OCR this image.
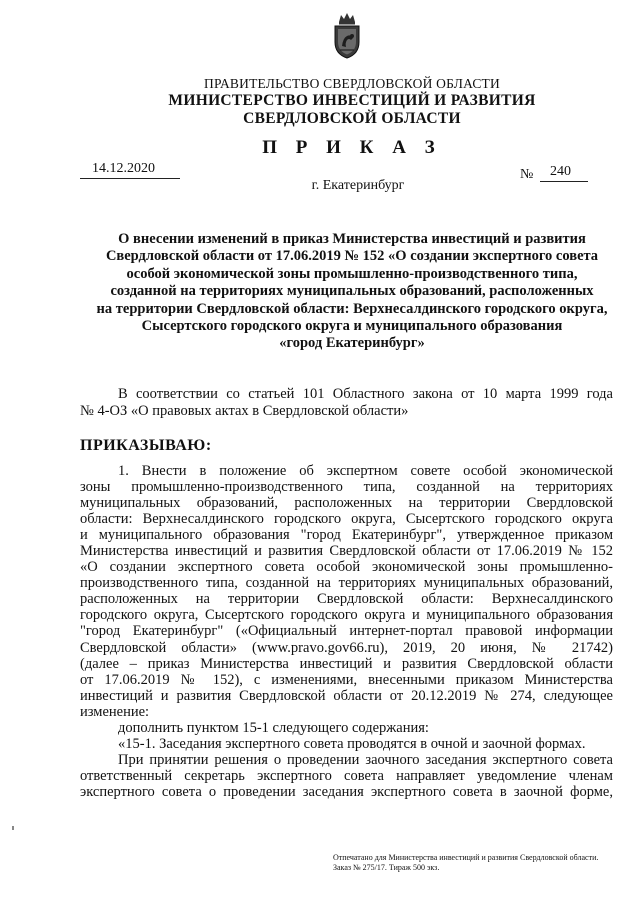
ПРАВИТЕЛЬСТВО СВЕРДЛОВСКОЙ ОБЛАСТИ
МИНИСТЕРСТВО ИНВЕСТИЦИЙ И РАЗВИТИЯ
СВЕРДЛОВСКОЙ ОБЛАСТИ
П Р И К А З
14.12.2020	№ 240
г. Екатеринбург
О внесении изменений в приказ Министерства инвестиций и развития
Свердловской области от 17.06.2019 № 152 «О создании экспертного совета
особой экономической зоны промышленно-производственного типа,
созданной на территориях муниципальных образований, расположенных
на территории Свердловской области: Верхнесалдинского городского округа,
Сысертского городского округа и муниципального образования
«город Екатеринбург»
В соответствии со статьей 101 Областного закона от 10 марта 1999 года
№ 4-ОЗ «О правовых актах в Свердловской области»
ПРИКАЗЫВАЮ:
1. Внести в положение об экспертном совете особой экономической
зоны промышленно-производственного типа, созданной на территориях
муниципальных образований, расположенных на территории Свердловской
области: Верхнесалдинского городского округа, Сысертского городского округа
и муниципального образования "город Екатеринбург", утвержденное приказом
Министерства инвестиций и развития Свердловской области от 17.06.2019 № 152
«О создании экспертного совета особой экономической зоны промышленно-
производственного типа, созданной на территориях муниципальных образований,
расположенных на территории Свердловской области: Верхнесалдинского
городского округа, Сысертского городского округа и муниципального образования
"город Екатеринбург" («Официальный интернет-портал правовой информации
Свердловской области» (www.pravo.gov66.ru), 2019, 20 июня, № 21742)
(далее – приказ Министерства инвестиций и развития Свердловской области
от 17.06.2019 № 152), с изменениями, внесенными приказом Министерства
инвестиций и развития Свердловской области от 20.12.2019 № 274, следующее
изменение:
дополнить пунктом 15-1 следующего содержания:
«15-1. Заседания экспертного совета проводятся в очной и заочной формах.
При принятии решения о проведении заочного заседания экспертного совета
ответственный секретарь экспертного совета направляет уведомление членам
экспертного совета о проведении заседания экспертного совета в заочной форме,
Отпечатано для Министерства инвестиций и развития Свердловской области.
Заказ № 275/17. Тираж 500 экз.
